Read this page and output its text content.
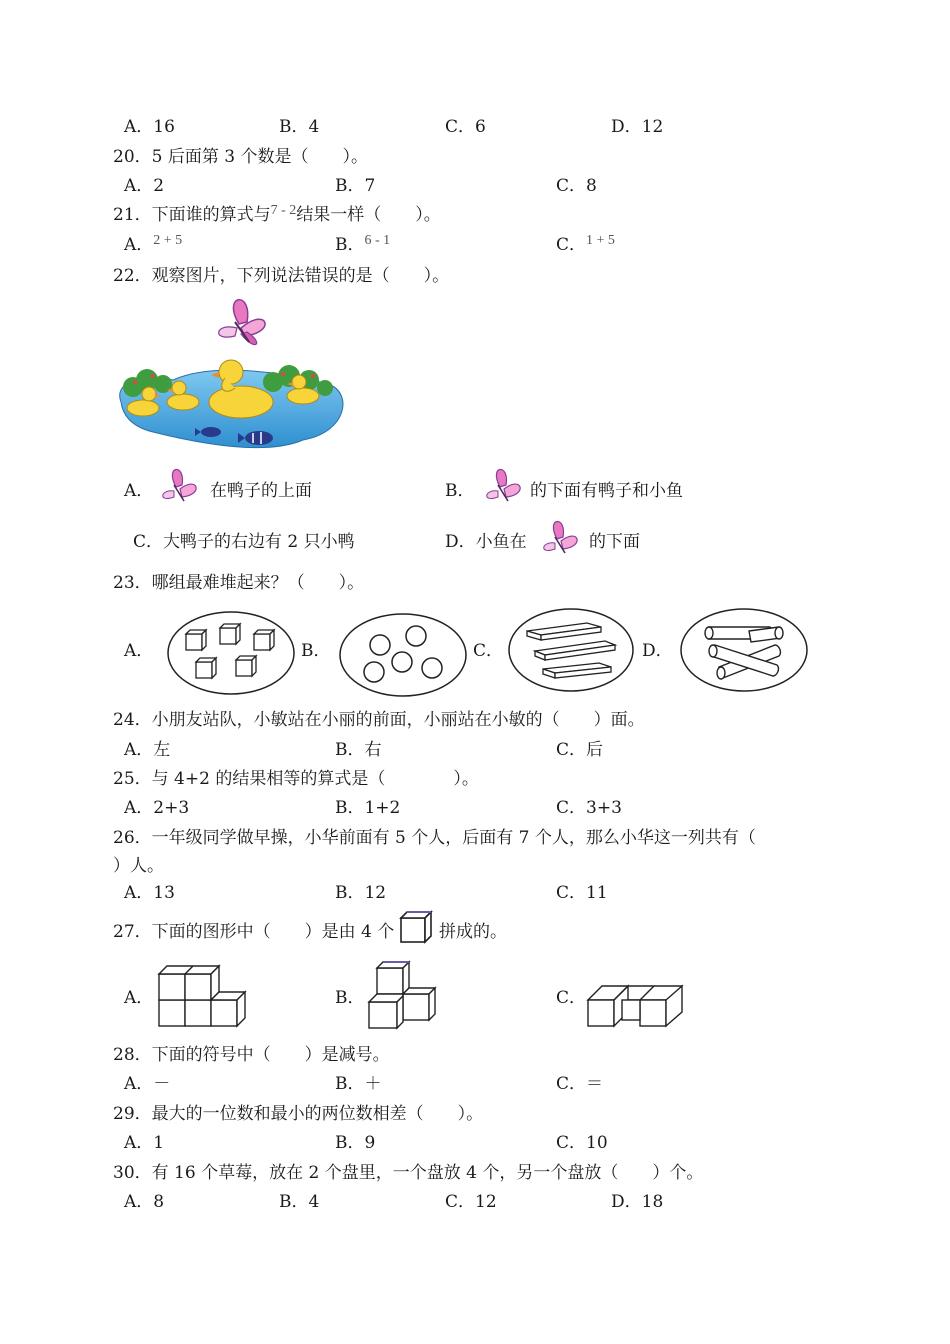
A．16	B．4	C．6	D．12
20．5 后面第 3 个数是（　　）。
A．2	B．7	C．8
21．下面谁的算式与$^{7 - 2}$结果一样（　　）。
A．$^{2 + 5}$	B．$^{6 - 1}$	C．$^{1 + 5}$
22．观察图片，下列说法错误的是（　　）。
A．	在鸭子的上面	B．	的下面有鸭子和小鱼
C．大鸭子的右边有 2 只小鸭	D．小鱼在	的下面
23．哪组最难堆起来？（　　）。
A．	B．	C．	D．
24．小朋友站队，小敏站在小丽的前面，小丽站在小敏的（　　）面。
A．左	B．右	C．后
25．与 4+2 的结果相等的算式是（　　　　）。
A．2+3	B．1+2	C．3+3
26．一年级同学做早操，小华前面有 5 个人，后面有 7 个人，那么小华这一列共有（
）人。
A．13	B．12	C．11
27．下面的图形中（　　）是由 4 个	拼成的。
A．	B．	C．
28．下面的符号中（　　）是减号。
A．－	B．＋	C．＝
29．最大的一位数和最小的两位数相差（　　）。
A．1	B．9	C．10
30．有 16 个草莓，放在 2 个盘里，一个盘放 4 个，另一个盘放（　　）个。
A．8	B．4	C．12	D．18
